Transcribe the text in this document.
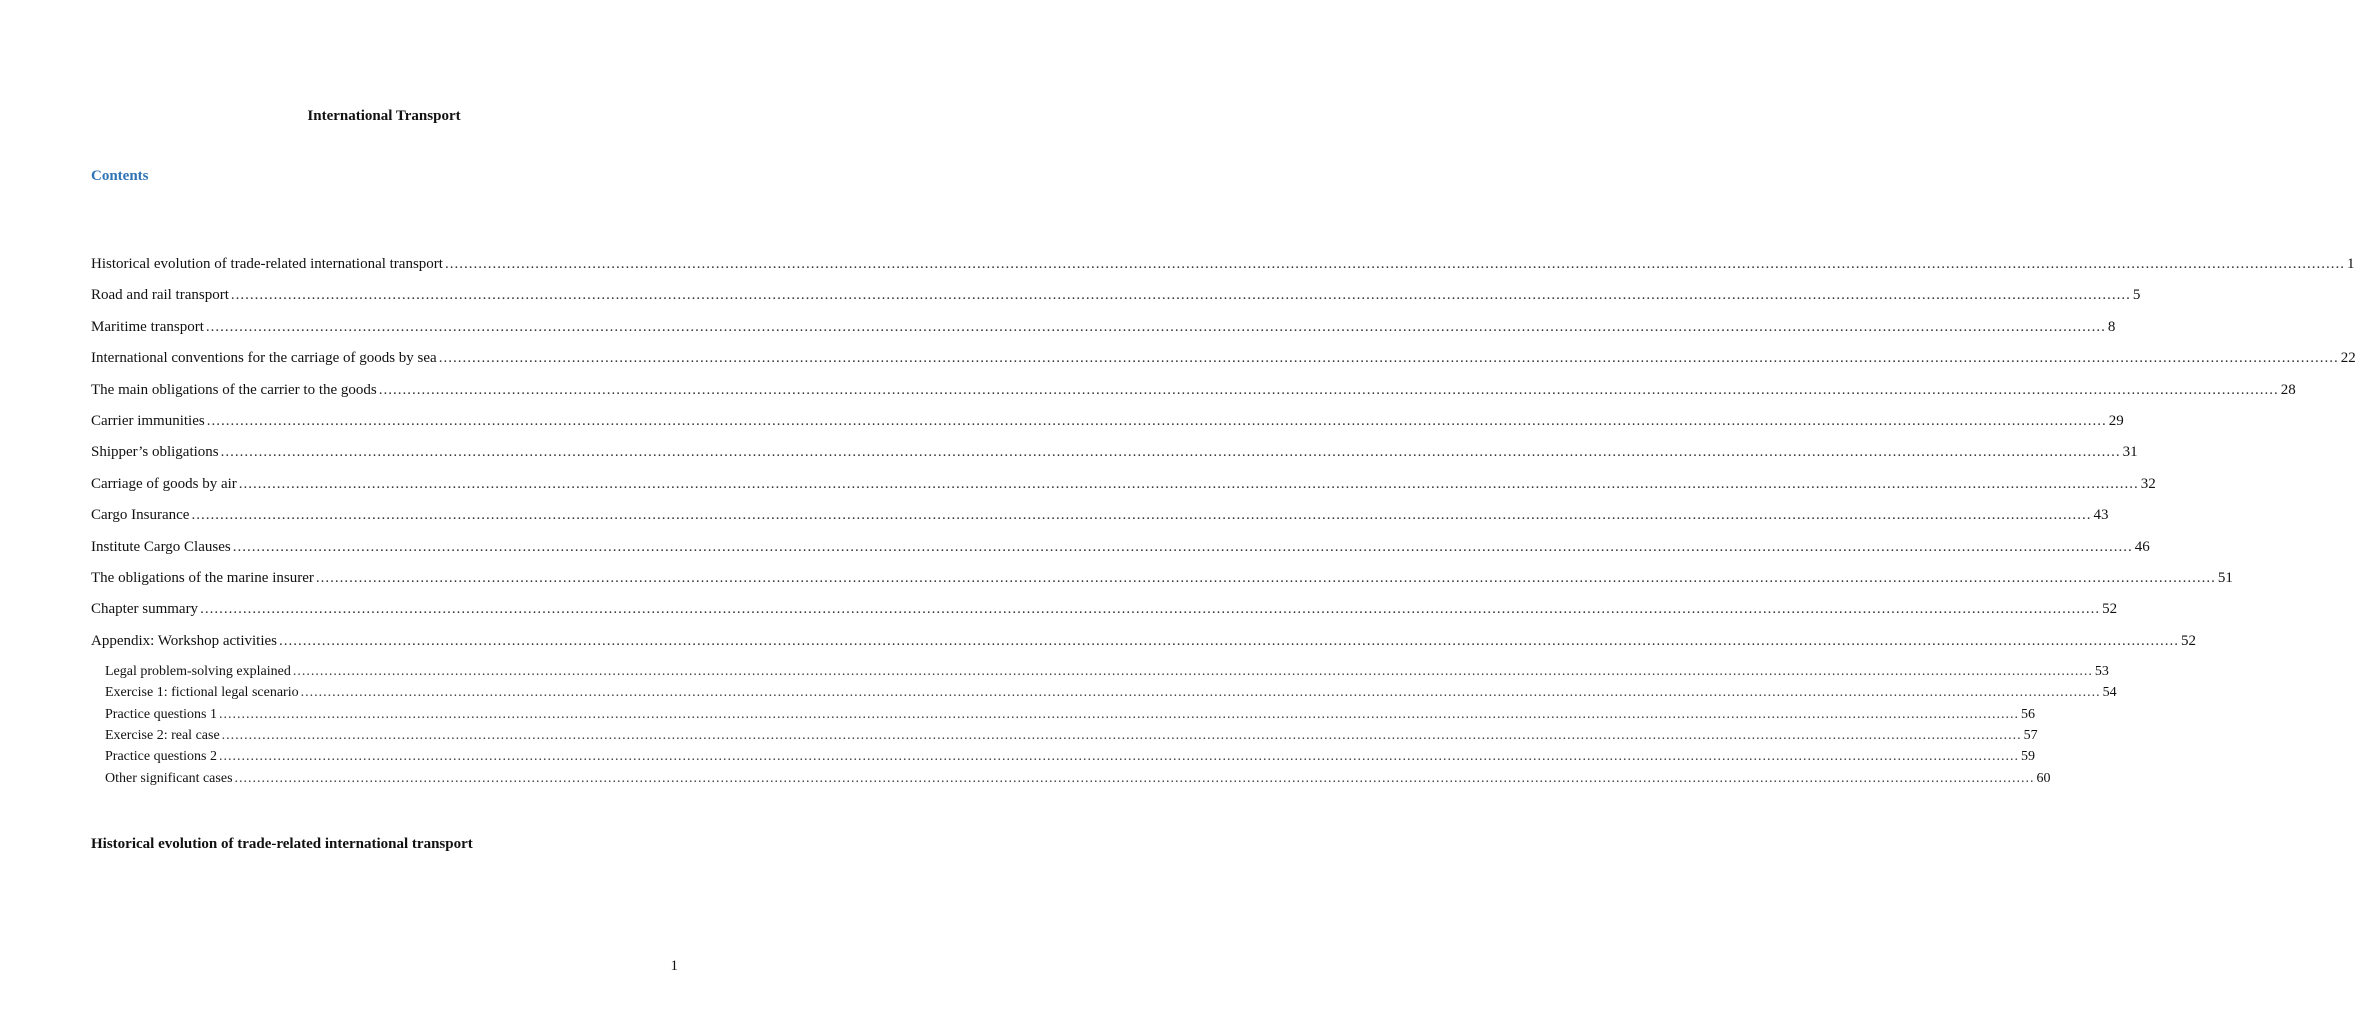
International Transport
Contents
Historical evolution of trade-related international transport ................................................................................................................................................................................................................................................................................................................................................................................................................ 1
Road and rail transport ................................................................................................................................................................................................................................................................................................................................................................................................................ 5
Maritime transport ................................................................................................................................................................................................................................................................................................................................................................................................................ 8
International conventions for the carriage of goods by sea ................................................................................................................................................................................................................................................................................................................................................................................................................ 22
The main obligations of the carrier to the goods ................................................................................................................................................................................................................................................................................................................................................................................................................ 28
Carrier immunities ................................................................................................................................................................................................................................................................................................................................................................................................................ 29
Shipper’s obligations ................................................................................................................................................................................................................................................................................................................................................................................................................ 31
Carriage of goods by air ................................................................................................................................................................................................................................................................................................................................................................................................................ 32
Cargo Insurance ................................................................................................................................................................................................................................................................................................................................................................................................................ 43
Institute Cargo Clauses ................................................................................................................................................................................................................................................................................................................................................................................................................ 46
The obligations of the marine insurer ................................................................................................................................................................................................................................................................................................................................................................................................................ 51
Chapter summary ................................................................................................................................................................................................................................................................................................................................................................................................................ 52
Appendix: Workshop activities ................................................................................................................................................................................................................................................................................................................................................................................................................ 52
Legal problem-solving explained ................................................................................................................................................................................................................................................................................................................................................................................................................ 53
Exercise 1: fictional legal scenario ................................................................................................................................................................................................................................................................................................................................................................................................................ 54
Practice questions 1 ................................................................................................................................................................................................................................................................................................................................................................................................................ 56
Exercise 2: real case ................................................................................................................................................................................................................................................................................................................................................................................................................ 57
Practice questions 2 ................................................................................................................................................................................................................................................................................................................................................................................................................ 59
Other significant cases ................................................................................................................................................................................................................................................................................................................................................................................................................ 60
Historical evolution of trade-related international transport
1
